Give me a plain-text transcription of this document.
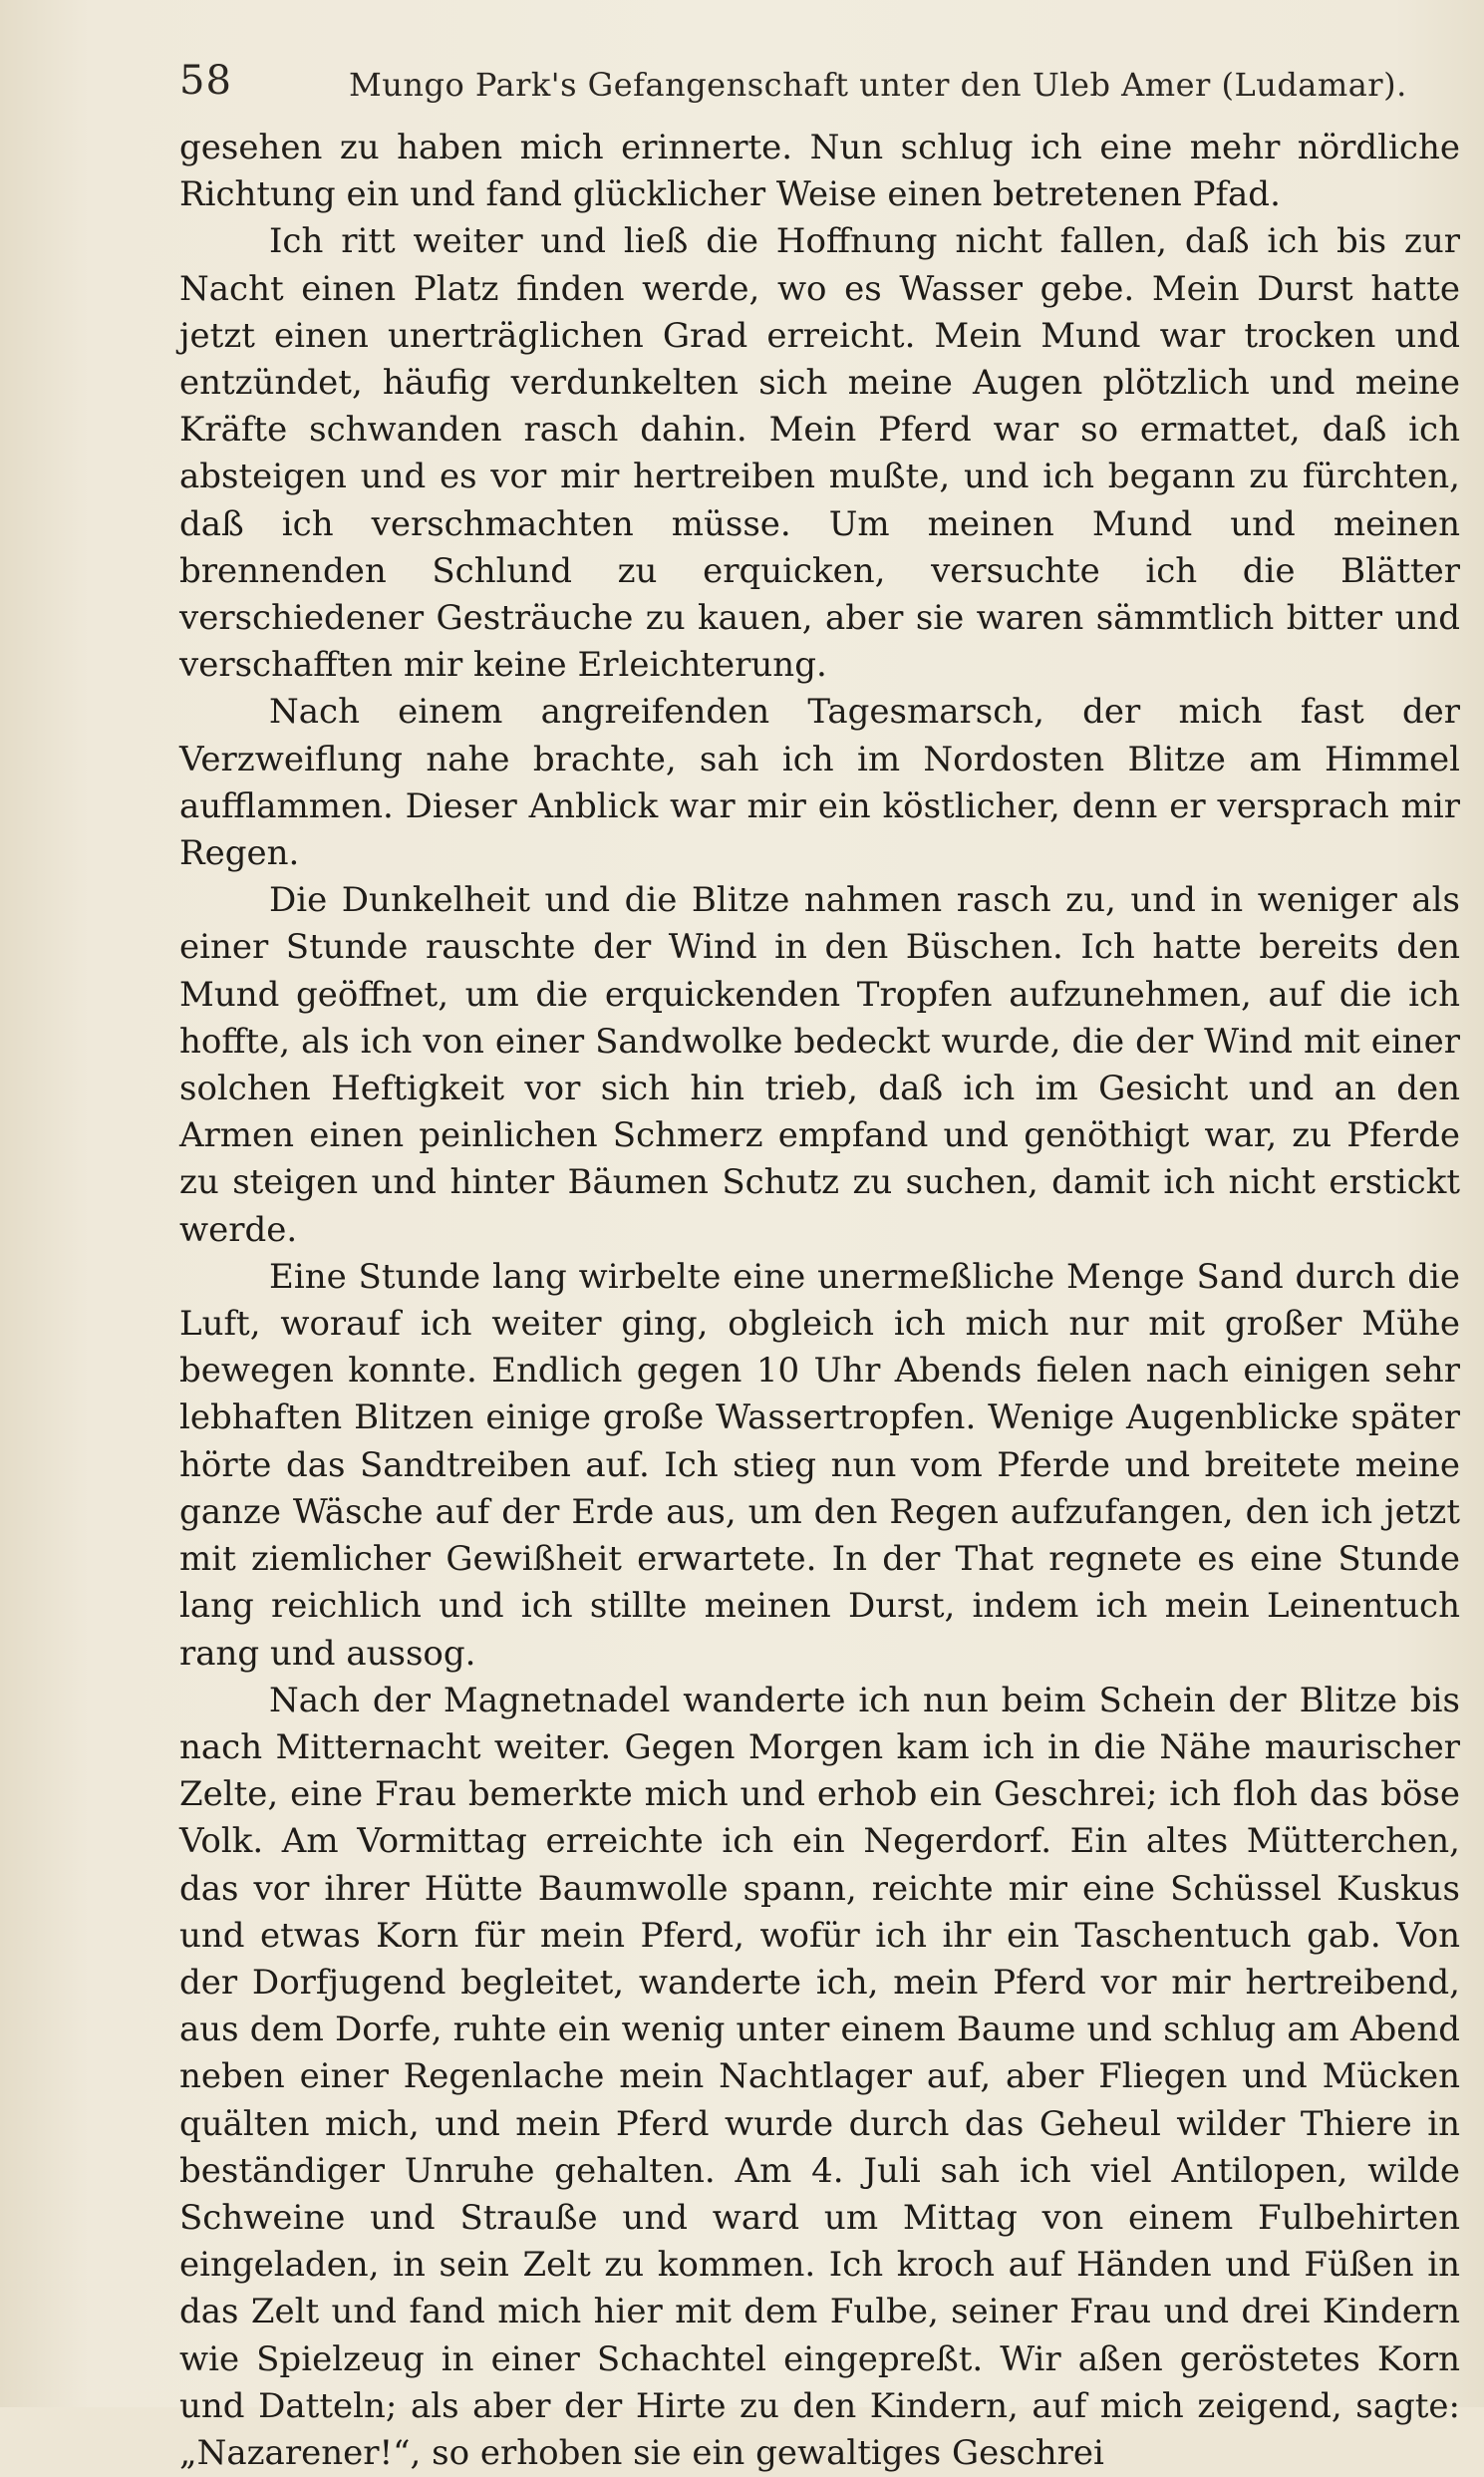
58	Mungo Park's Gefangenschaft unter den Uleb Amer (Ludamar).

gesehen zu haben mich erinnerte. Nun schlug ich eine mehr nördliche Richtung ein und fand glücklicher Weise einen betretenen Pfad.

Ich ritt weiter und ließ die Hoffnung nicht fallen, daß ich bis zur Nacht einen Platz finden werde, wo es Wasser gebe. Mein Durst hatte jetzt einen unerträglichen Grad erreicht. Mein Mund war trocken und entzündet, häufig verdunkelten sich meine Augen plötzlich und meine Kräfte schwanden rasch dahin. Mein Pferd war so ermattet, daß ich absteigen und es vor mir hertreiben mußte, und ich begann zu fürchten, daß ich verschmachten müsse. Um meinen Mund und meinen brennenden Schlund zu erquicken, versuchte ich die Blätter verschiedener Gesträuche zu kauen, aber sie waren sämmtlich bitter und verschafften mir keine Erleichterung.

Nach einem angreifenden Tagesmarsch, der mich fast der Verzweiflung nahe brachte, sah ich im Nordosten Blitze am Himmel aufflammen. Dieser Anblick war mir ein köstlicher, denn er versprach mir Regen.

Die Dunkelheit und die Blitze nahmen rasch zu, und in weniger als einer Stunde rauschte der Wind in den Büschen. Ich hatte bereits den Mund geöffnet, um die erquickenden Tropfen aufzunehmen, auf die ich hoffte, als ich von einer Sandwolke bedeckt wurde, die der Wind mit einer solchen Heftigkeit vor sich hin trieb, daß ich im Gesicht und an den Armen einen peinlichen Schmerz empfand und genöthigt war, zu Pferde zu steigen und hinter Bäumen Schutz zu suchen, damit ich nicht erstickt werde.

Eine Stunde lang wirbelte eine unermeßliche Menge Sand durch die Luft, worauf ich weiter ging, obgleich ich mich nur mit großer Mühe bewegen konnte. Endlich gegen 10 Uhr Abends fielen nach einigen sehr lebhaften Blitzen einige große Wassertropfen. Wenige Augenblicke später hörte das Sandtreiben auf. Ich stieg nun vom Pferde und breitete meine ganze Wäsche auf der Erde aus, um den Regen aufzufangen, den ich jetzt mit ziemlicher Gewißheit erwartete. In der That regnete es eine Stunde lang reichlich und ich stillte meinen Durst, indem ich mein Leinentuch rang und aussog.

Nach der Magnetnadel wanderte ich nun beim Schein der Blitze bis nach Mitternacht weiter. Gegen Morgen kam ich in die Nähe maurischer Zelte, eine Frau bemerkte mich und erhob ein Geschrei; ich floh das böse Volk. Am Vormittag erreichte ich ein Negerdorf. Ein altes Mütterchen, das vor ihrer Hütte Baumwolle spann, reichte mir eine Schüssel Kuskus und etwas Korn für mein Pferd, wofür ich ihr ein Taschentuch gab. Von der Dorfjugend begleitet, wanderte ich, mein Pferd vor mir hertreibend, aus dem Dorfe, ruhte ein wenig unter einem Baume und schlug am Abend neben einer Regenlache mein Nachtlager auf, aber Fliegen und Mücken quälten mich, und mein Pferd wurde durch das Geheul wilder Thiere in beständiger Unruhe gehalten. Am 4. Juli sah ich viel Antilopen, wilde Schweine und Strauße und ward um Mittag von einem Fulbehirten eingeladen, in sein Zelt zu kommen. Ich kroch auf Händen und Füßen in das Zelt und fand mich hier mit dem Fulbe, seiner Frau und drei Kindern wie Spielzeug in einer Schachtel eingepreßt. Wir aßen geröstetes Korn und Datteln; als aber der Hirte zu den Kindern, auf mich zeigend, sagte: „Nazarener!“, so erhoben sie ein gewaltiges Geschrei
